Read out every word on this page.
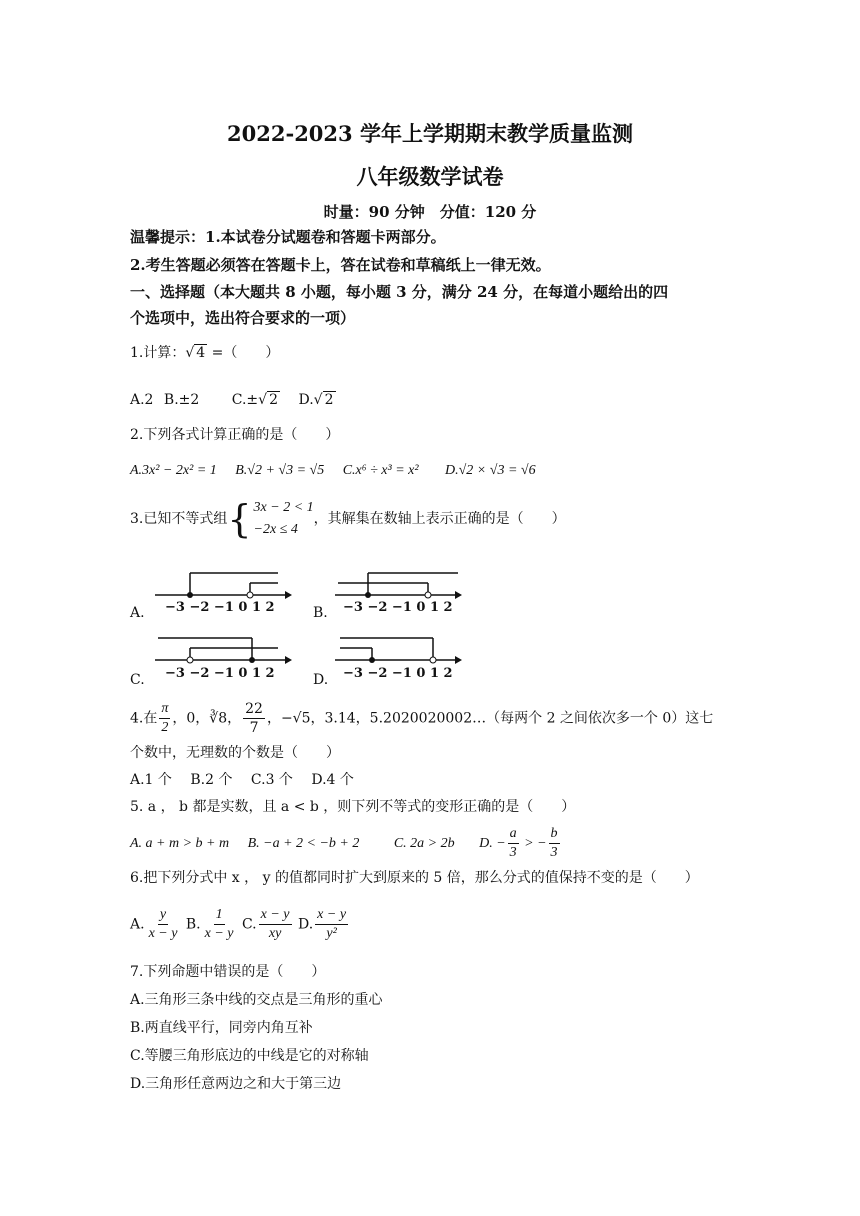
2022-2023 学年上学期期末教学质量监测
八年级数学试卷
时量：90 分钟　分值：120 分
温馨提示：1.本试卷分试题卷和答题卡两部分。
2.考生答题必须答在答题卡上，答在试卷和草稿纸上一律无效。
一、选择题（本大题共 8 小题，每小题 3 分，满分 24 分，在每道小题给出的四
个选项中，选出符合要求的一项）
1.计算：√ 4 =（　　）
A.2 B.±2 C.±√ 2 D.√ 2
2.下列各式计算正确的是（　　）
A.3x² − 2x² = 1 B.√2 + √3 = √5 C.x⁶ ÷ x³ = x² D.√2 × √3 = √6
3.已知不等式组{ 3x − 2 < 1
−2x ≤ 4
，其解集在数轴上表示正确的是（　　）
−3 −2 −1 0 1 2	−3 −2 −1 0 1 2
−3 −2 −1 0 1 2	−3 −2 −1 0 1 2
A.	B.
C.	D.
4.在 $\frac{\pi}{2}$ ，0，∛8， $\frac{22}{7}$ ，−√5，3.14，5.2020020002…（每两个 2 之间依次多一个 0）这七
个数中，无理数的个数是（　　）
A.1 个　 B.2 个　 C.3 个　 D.4 个
5. a ， b 都是实数，且 a < b ，则下列不等式的变形正确的是（　　）
A. a + m > b + m B. −a + 2 < −b + 2 C. 2a > 2b D. − $\frac{a}{3}$ > − $\frac{b}{3}$
6.把下列分式中 x ， y 的值都同时扩大到原来的 5 倍，那么分式的值保持不变的是（　　）
A. $\frac{y}{x - y} B$. $\frac{1}{x - y} C$. $\frac{x - y}{xy} D$. $\frac{x - y}{\text{y²}}$
7.下列命题中错误的是（　　）
A.三角形三条中线的交点是三角形的重心
B.两直线平行，同旁内角互补
C.等腰三角形底边的中线是它的对称轴
D.三角形任意两边之和大于第三边
